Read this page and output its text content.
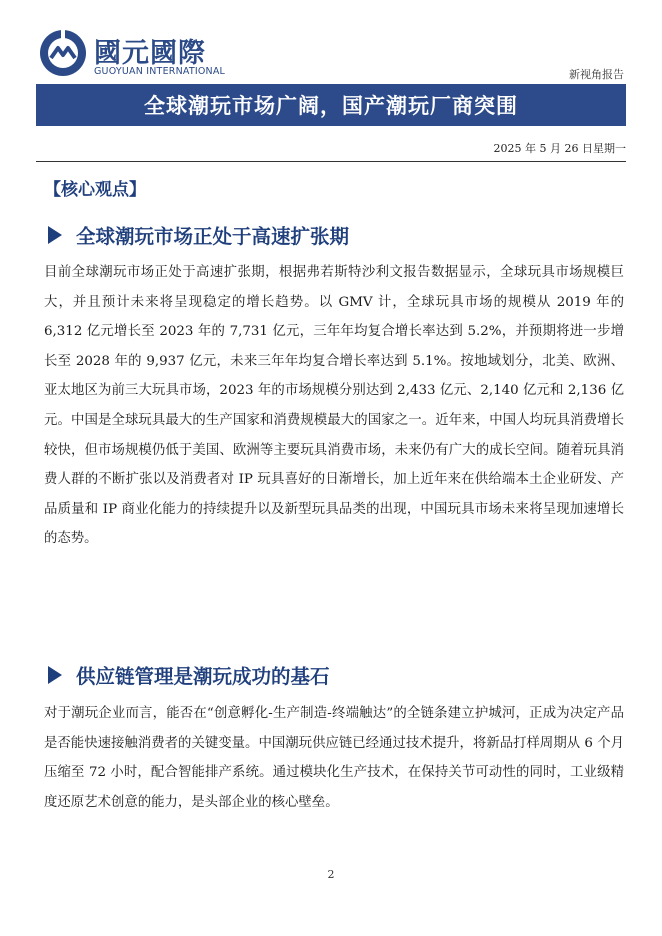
國元國際
GUOYUAN INTERNATIONAL	新视角报告
全球潮玩市场广阔，国产潮玩厂商突围
2025 年 5 月 26 日星期一
【核心观点】
全球潮玩市场正处于高速扩张期
目前全球潮玩市场正处于高速扩张期，根据弗若斯特沙利文报告数据显示，全球玩具市场规模巨大，并且预计未来将呈现稳定的增长趋势。以 GMV 计，全球玩具市场的规模从 2019 年的 6,312 亿元增长至 2023 年的 7,731 亿元，三年年均复合增长率达到 5.2%，并预期将进一步增长至 2028 年的 9,937 亿元，未来三年年均复合增长率达到 5.1%。按地域划分，北美、欧洲、亚太地区为前三大玩具市场，2023 年的市场规模分别达到 2,433 亿元、2,140 亿元和 2,136 亿元。中国是全球玩具最大的生产国家和消费规模最大的国家之一。近年来，中国人均玩具消费增长较快，但市场规模仍低于美国、欧洲等主要玩具消费市场，未来仍有广大的成长空间。随着玩具消费人群的不断扩张以及消费者对 IP 玩具喜好的日渐增长，加上近年来在供给端本土企业研发、产品质量和 IP 商业化能力的持续提升以及新型玩具品类的出现，中国玩具市场未来将呈现加速增长的态势。
供应链管理是潮玩成功的基石
对于潮玩企业而言，能否在“创意孵化-生产制造-终端触达”的全链条建立护城河，正成为决定产品是否能快速接触消费者的关键变量。中国潮玩供应链已经通过技术提升，将新品打样周期从 6 个月压缩至 72 小时，配合智能排产系统。通过模块化生产技术，在保持关节可动性的同时，工业级精度还原艺术创意的能力，是头部企业的核心壁垒。
2
